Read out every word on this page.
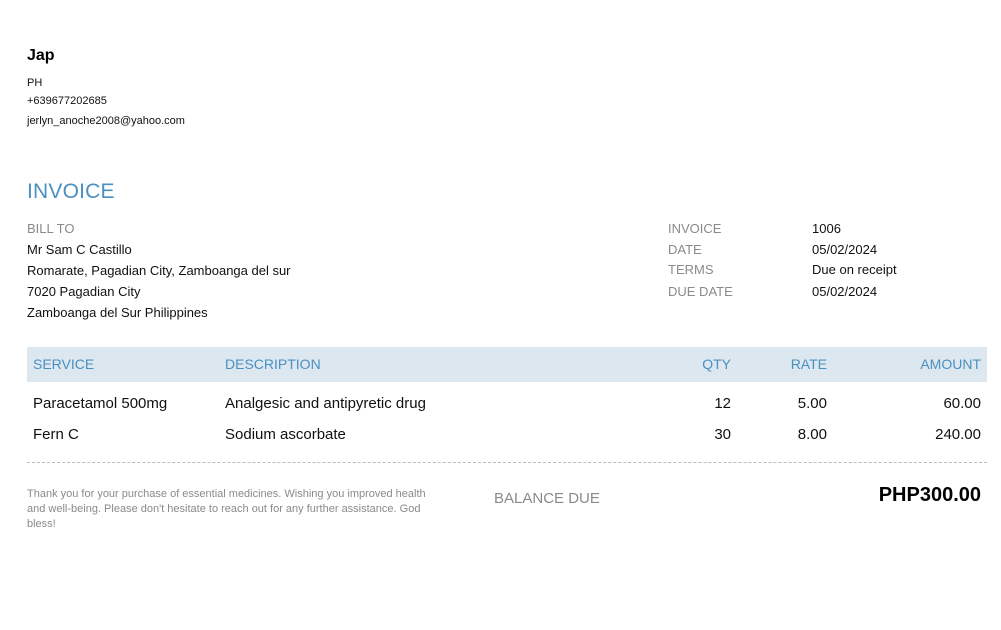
Jap
PH
+639677202685
jerlyn_anoche2008@yahoo.com
INVOICE
BILL TO
Mr Sam C Castillo
Romarate, Pagadian City, Zamboanga del sur
7020 Pagadian City
Zamboanga del Sur Philippines
INVOICE	1006
DATE	05/02/2024
TERMS	Due on receipt
DUE DATE	05/02/2024
SERVICE	DESCRIPTION	QTY	RATE	AMOUNT
Paracetamol 500mg	Analgesic and antipyretic drug	12	5.00	60.00
Fern C	Sodium ascorbate	30	8.00	240.00
Thank you for your purchase of essential medicines. Wishing you improved health and well-being. Please don't hesitate to reach out for any further assistance. God bless!
BALANCE DUE	PHP300.00
